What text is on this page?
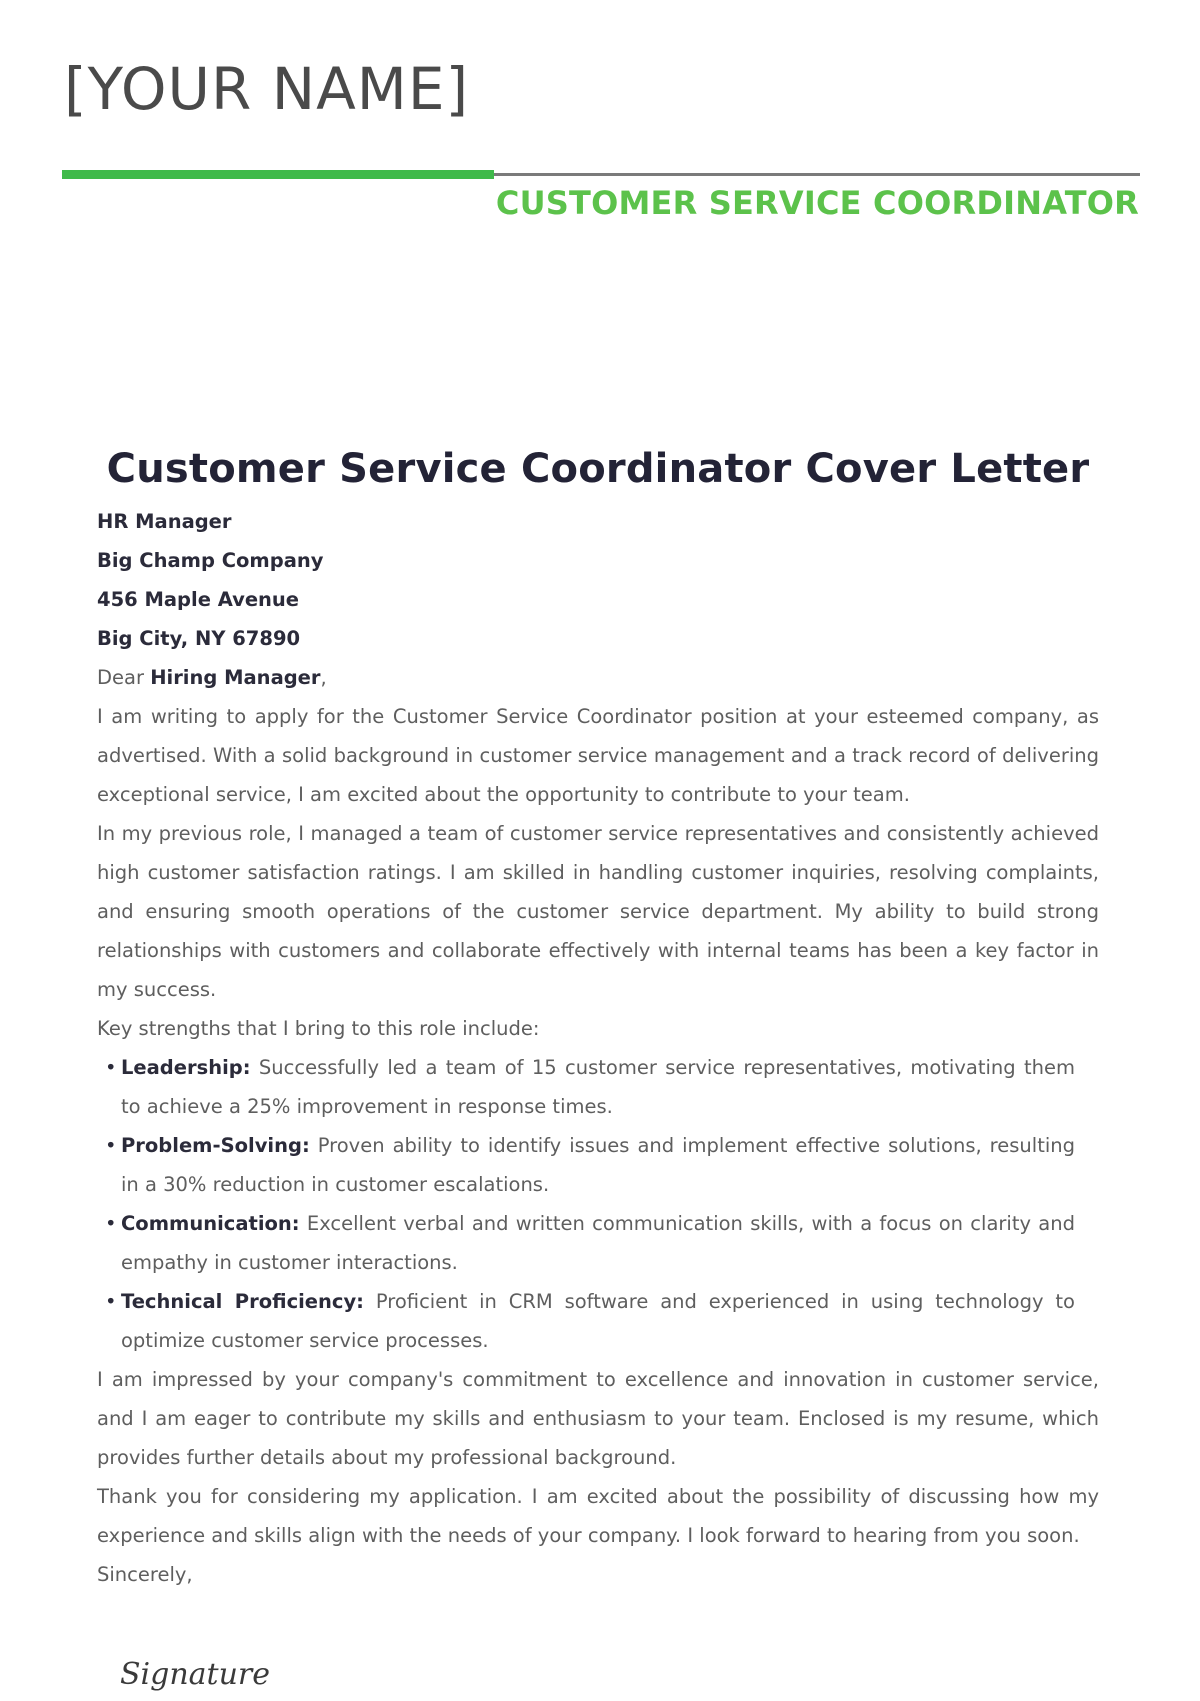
[YOUR NAME]
CUSTOMER SERVICE COORDINATOR
Customer Service Coordinator Cover Letter

HR Manager

Big Champ Company

456 Maple Avenue

Big City, NY 67890

Dear Hiring Manager,

I am writing to apply for the Customer Service Coordinator position at your esteemed company, as advertised. With a solid background in customer service management and a track record of delivering exceptional service, I am excited about the opportunity to contribute to your team.

In my previous role, I managed a team of customer service representatives and consistently achieved high customer satisfaction ratings. I am skilled in handling customer inquiries, resolving complaints, and ensuring smooth operations of the customer service department. My ability to build strong relationships with customers and collaborate effectively with internal teams has been a key factor in my success.

Key strengths that I bring to this role include:

• Leadership: Successfully led a team of 15 customer service representatives, motivating them to achieve a 25% improvement in response times.
• Problem-Solving: Proven ability to identify issues and implement effective solutions, resulting in a 30% reduction in customer escalations.
• Communication: Excellent verbal and written communication skills, with a focus on clarity and empathy in customer interactions.
• Technical Proficiency: Proficient in CRM software and experienced in using technology to optimize customer service processes.

I am impressed by your company's commitment to excellence and innovation in customer service, and I am eager to contribute my skills and enthusiasm to your team. Enclosed is my resume, which provides further details about my professional background.

Thank you for considering my application. I am excited about the possibility of discussing how my experience and skills align with the needs of your company. I look forward to hearing from you soon.

Sincerely,

Signature
